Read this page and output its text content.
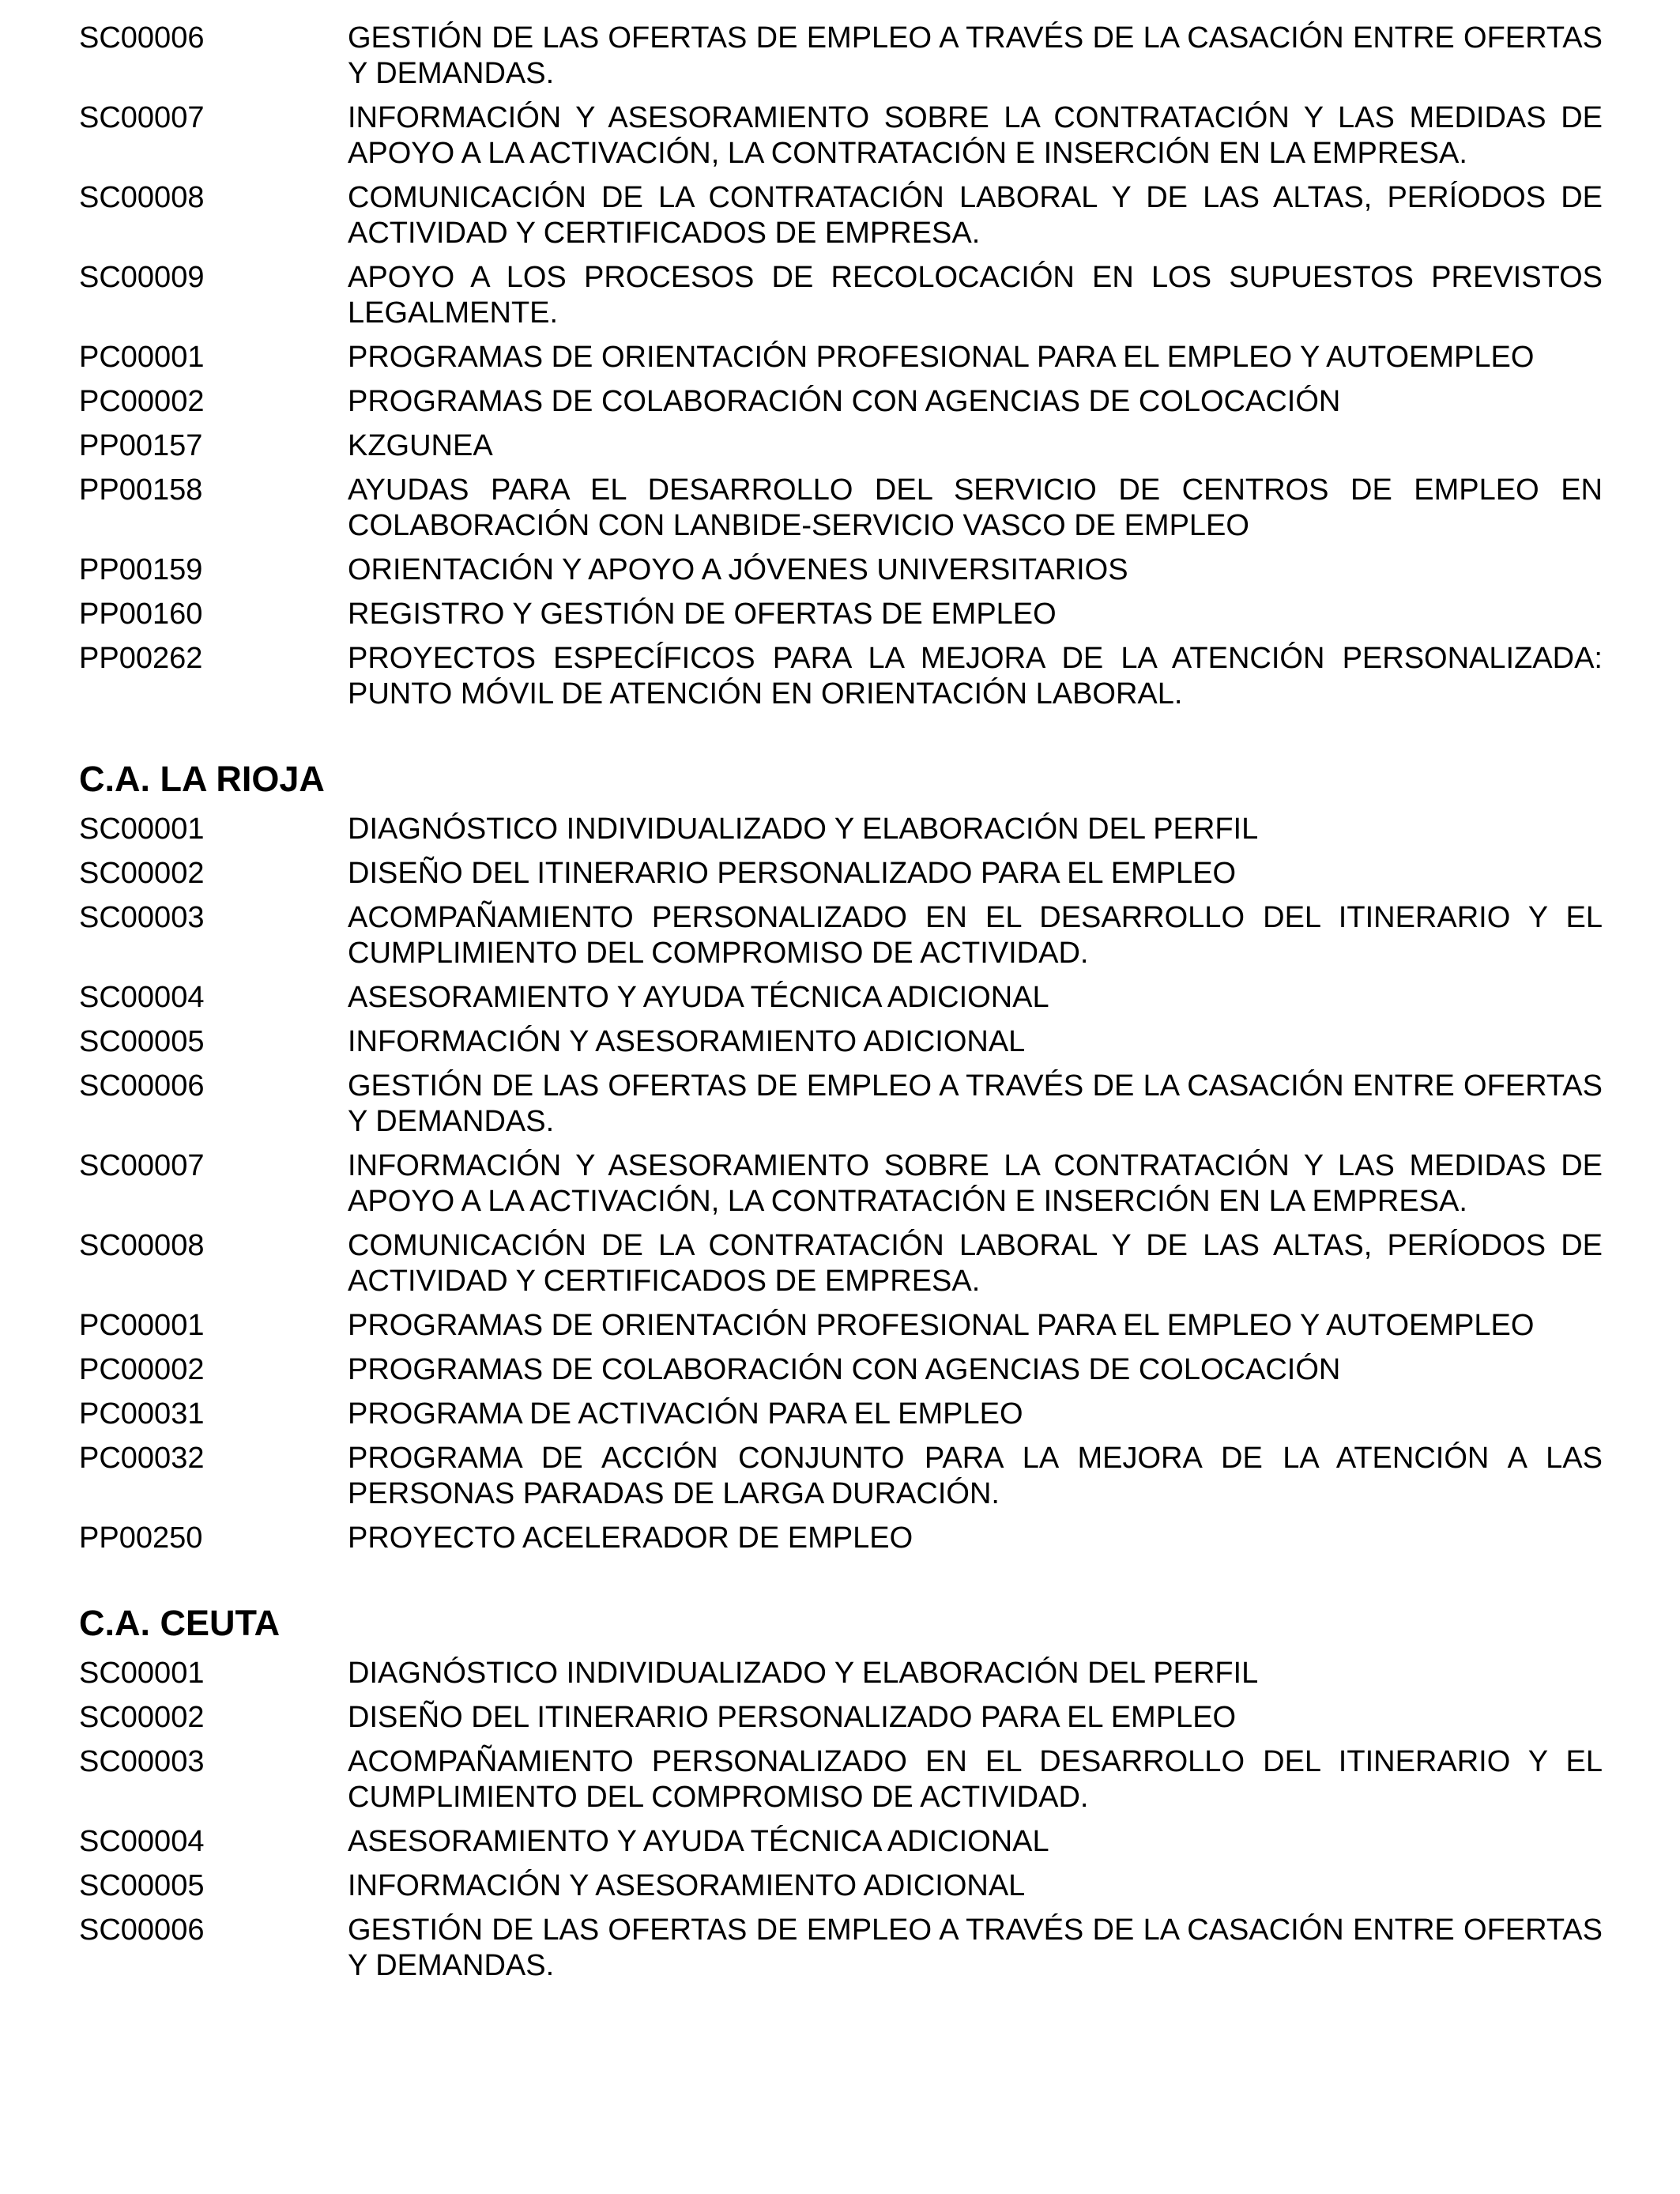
SC00006	GESTIÓN DE LAS OFERTAS DE EMPLEO A TRAVÉS DE LA CASACIÓN ENTRE OFERTAS Y DEMANDAS.
SC00007	INFORMACIÓN Y ASESORAMIENTO SOBRE LA CONTRATACIÓN Y LAS MEDIDAS DE APOYO A LA ACTIVACIÓN, LA CONTRATACIÓN E INSERCIÓN EN LA EMPRESA.
SC00008	COMUNICACIÓN DE LA CONTRATACIÓN LABORAL Y DE LAS ALTAS, PERÍODOS DE ACTIVIDAD Y CERTIFICADOS DE EMPRESA.
SC00009	APOYO A LOS PROCESOS DE RECOLOCACIÓN EN LOS SUPUESTOS PREVISTOS LEGALMENTE.
PC00001	PROGRAMAS DE ORIENTACIÓN PROFESIONAL PARA EL EMPLEO Y AUTOEMPLEO
PC00002	PROGRAMAS DE COLABORACIÓN CON AGENCIAS DE COLOCACIÓN
PP00157	KZGUNEA
PP00158	AYUDAS PARA EL DESARROLLO DEL SERVICIO DE CENTROS DE EMPLEO EN COLABORACIÓN CON LANBIDE-SERVICIO VASCO DE EMPLEO
PP00159	ORIENTACIÓN Y APOYO A JÓVENES UNIVERSITARIOS
PP00160	REGISTRO Y GESTIÓN DE OFERTAS DE EMPLEO
PP00262	PROYECTOS ESPECÍFICOS PARA LA MEJORA DE LA ATENCIÓN PERSONALIZADA: PUNTO MÓVIL DE ATENCIÓN EN ORIENTACIÓN LABORAL.
C.A. LA RIOJA
SC00001	DIAGNÓSTICO INDIVIDUALIZADO Y ELABORACIÓN DEL PERFIL
SC00002	DISEÑO DEL ITINERARIO PERSONALIZADO PARA EL EMPLEO
SC00003	ACOMPAÑAMIENTO PERSONALIZADO EN EL DESARROLLO DEL ITINERARIO Y EL CUMPLIMIENTO DEL COMPROMISO DE ACTIVIDAD.
SC00004	ASESORAMIENTO Y AYUDA TÉCNICA ADICIONAL
SC00005	INFORMACIÓN Y ASESORAMIENTO ADICIONAL
SC00006	GESTIÓN DE LAS OFERTAS DE EMPLEO A TRAVÉS DE LA CASACIÓN ENTRE OFERTAS Y DEMANDAS.
SC00007	INFORMACIÓN Y ASESORAMIENTO SOBRE LA CONTRATACIÓN Y LAS MEDIDAS DE APOYO A LA ACTIVACIÓN, LA CONTRATACIÓN E INSERCIÓN EN LA EMPRESA.
SC00008	COMUNICACIÓN DE LA CONTRATACIÓN LABORAL Y DE LAS ALTAS, PERÍODOS DE ACTIVIDAD Y CERTIFICADOS DE EMPRESA.
PC00001	PROGRAMAS DE ORIENTACIÓN PROFESIONAL PARA EL EMPLEO Y AUTOEMPLEO
PC00002	PROGRAMAS DE COLABORACIÓN CON AGENCIAS DE COLOCACIÓN
PC00031	PROGRAMA DE ACTIVACIÓN PARA EL EMPLEO
PC00032	PROGRAMA DE ACCIÓN CONJUNTO PARA LA MEJORA DE LA ATENCIÓN A LAS PERSONAS PARADAS DE LARGA DURACIÓN.
PP00250	PROYECTO ACELERADOR DE EMPLEO
C.A. CEUTA
SC00001	DIAGNÓSTICO INDIVIDUALIZADO Y ELABORACIÓN DEL PERFIL
SC00002	DISEÑO DEL ITINERARIO PERSONALIZADO PARA EL EMPLEO
SC00003	ACOMPAÑAMIENTO PERSONALIZADO EN EL DESARROLLO DEL ITINERARIO Y EL CUMPLIMIENTO DEL COMPROMISO DE ACTIVIDAD.
SC00004	ASESORAMIENTO Y AYUDA TÉCNICA ADICIONAL
SC00005	INFORMACIÓN Y ASESORAMIENTO ADICIONAL
SC00006	GESTIÓN DE LAS OFERTAS DE EMPLEO A TRAVÉS DE LA CASACIÓN ENTRE OFERTAS Y DEMANDAS.
